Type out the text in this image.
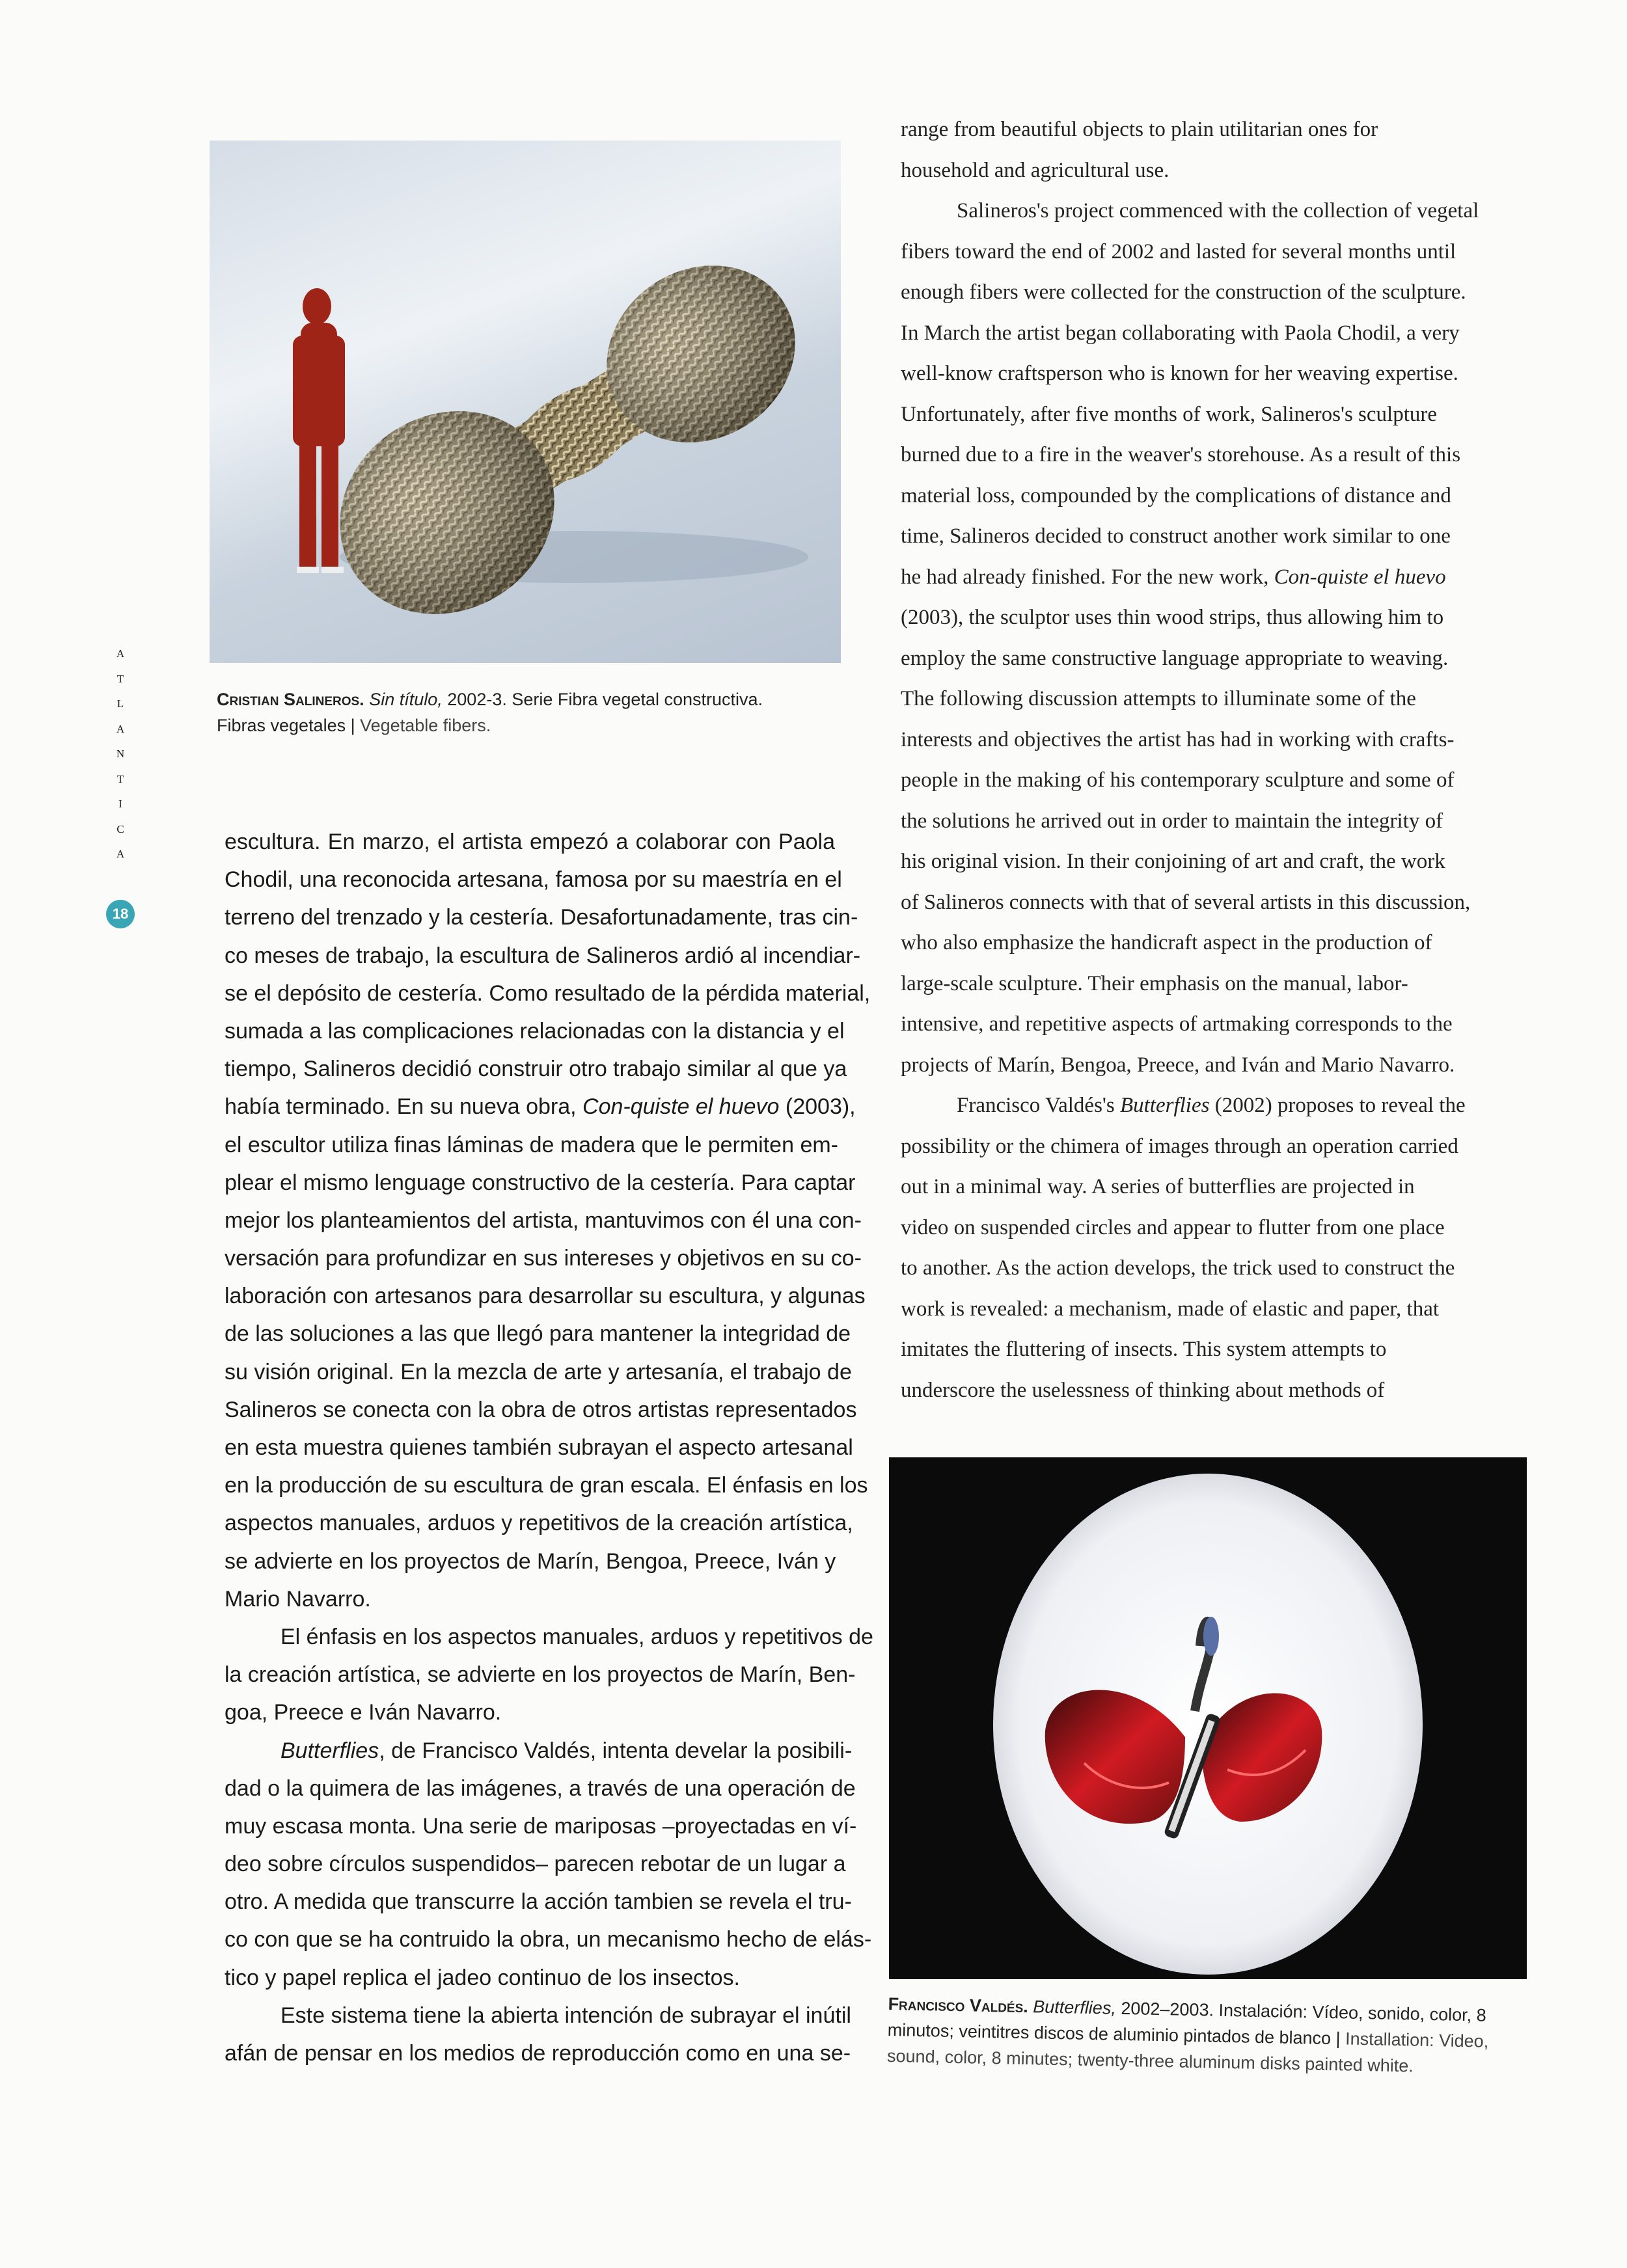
A
T
L
A
N
T
I
C
A
18
Cristian Salineros. Sin título, 2002-3. Serie Fibra vegetal constructiva.
Fibras vegetales | Vegetable fibers.
escultura. En marzo, el artista empezó a colaborar con Paola
Chodil, una reconocida artesana, famosa por su maestría en el
terreno del trenzado y la cestería. Desafortunadamente, tras cin-
co meses de trabajo, la escultura de Salineros ardió al incendiar-
se el depósito de cestería. Como resultado de la pérdida material,
sumada a las complicaciones relacionadas con la distancia y el
tiempo, Salineros decidió construir otro trabajo similar al que ya
había terminado. En su nueva obra, Con-quiste el huevo (2003),
el escultor utiliza finas láminas de madera que le permiten em-
plear el mismo lenguage constructivo de la cestería. Para captar
mejor los planteamientos del artista, mantuvimos con él una con-
versación para profundizar en sus intereses y objetivos en su co-
laboración con artesanos para desarrollar su escultura, y algunas
de las soluciones a las que llegó para mantener la integridad de
su visión original. En la mezcla de arte y artesanía, el trabajo de
Salineros se conecta con la obra de otros artistas representados
en esta muestra quienes también subrayan el aspecto artesanal
en la producción de su escultura de gran escala. El énfasis en los
aspectos manuales, arduos y repetitivos de la creación artística,
se advierte en los proyectos de Marín, Bengoa, Preece, Iván y
Mario Navarro.
El énfasis en los aspectos manuales, arduos y repetitivos de
la creación artística, se advierte en los proyectos de Marín, Ben-
goa, Preece e Iván Navarro.
Butterflies, de Francisco Valdés, intenta develar la posibili-
dad o la quimera de las imágenes, a través de una operación de
muy escasa monta. Una serie de mariposas –proyectadas en ví-
deo sobre círculos suspendidos– parecen rebotar de un lugar a
otro. A medida que transcurre la acción tambien se revela el tru-
co con que se ha contruido la obra, un mecanismo hecho de elás-
tico y papel replica el jadeo continuo de los insectos.
Este sistema tiene la abierta intención de subrayar el inútil
afán de pensar en los medios de reproducción como en una se-
range from beautiful objects to plain utilitarian ones for
household and agricultural use.
Salineros's project commenced with the collection of vegetal
fibers toward the end of 2002 and lasted for several months until
enough fibers were collected for the construction of the sculpture.
In March the artist began collaborating with Paola Chodil, a very
well-know craftsperson who is known for her weaving expertise.
Unfortunately, after five months of work, Salineros's sculpture
burned due to a fire in the weaver's storehouse. As a result of this
material loss, compounded by the complications of distance and
time, Salineros decided to construct another work similar to one
he had already finished. For the new work, Con-quiste el huevo
(2003), the sculptor uses thin wood strips, thus allowing him to
employ the same constructive language appropriate to weaving.
The following discussion attempts to illuminate some of the
interests and objectives the artist has had in working with crafts-
people in the making of his contemporary sculpture and some of
the solutions he arrived out in order to maintain the integrity of
his original vision. In their conjoining of art and craft, the work
of Salineros connects with that of several artists in this discussion,
who also emphasize the handicraft aspect in the production of
large-scale sculpture. Their emphasis on the manual, labor-
intensive, and repetitive aspects of artmaking corresponds to the
projects of Marín, Bengoa, Preece, and Iván and Mario Navarro.
Francisco Valdés's Butterflies (2002) proposes to reveal the
possibility or the chimera of images through an operation carried
out in a minimal way. A series of butterflies are projected in
video on suspended circles and appear to flutter from one place
to another. As the action develops, the trick used to construct the
work is revealed: a mechanism, made of elastic and paper, that
imitates the fluttering of insects. This system attempts to
underscore the uselessness of thinking about methods of
Francisco Valdés. Butterflies, 2002–2003. Instalación: Vídeo, sonido, color, 8
minutos; veintitres discos de aluminio pintados de blanco | Installation: Video,
sound, color, 8 minutes; twenty-three aluminum disks painted white.
